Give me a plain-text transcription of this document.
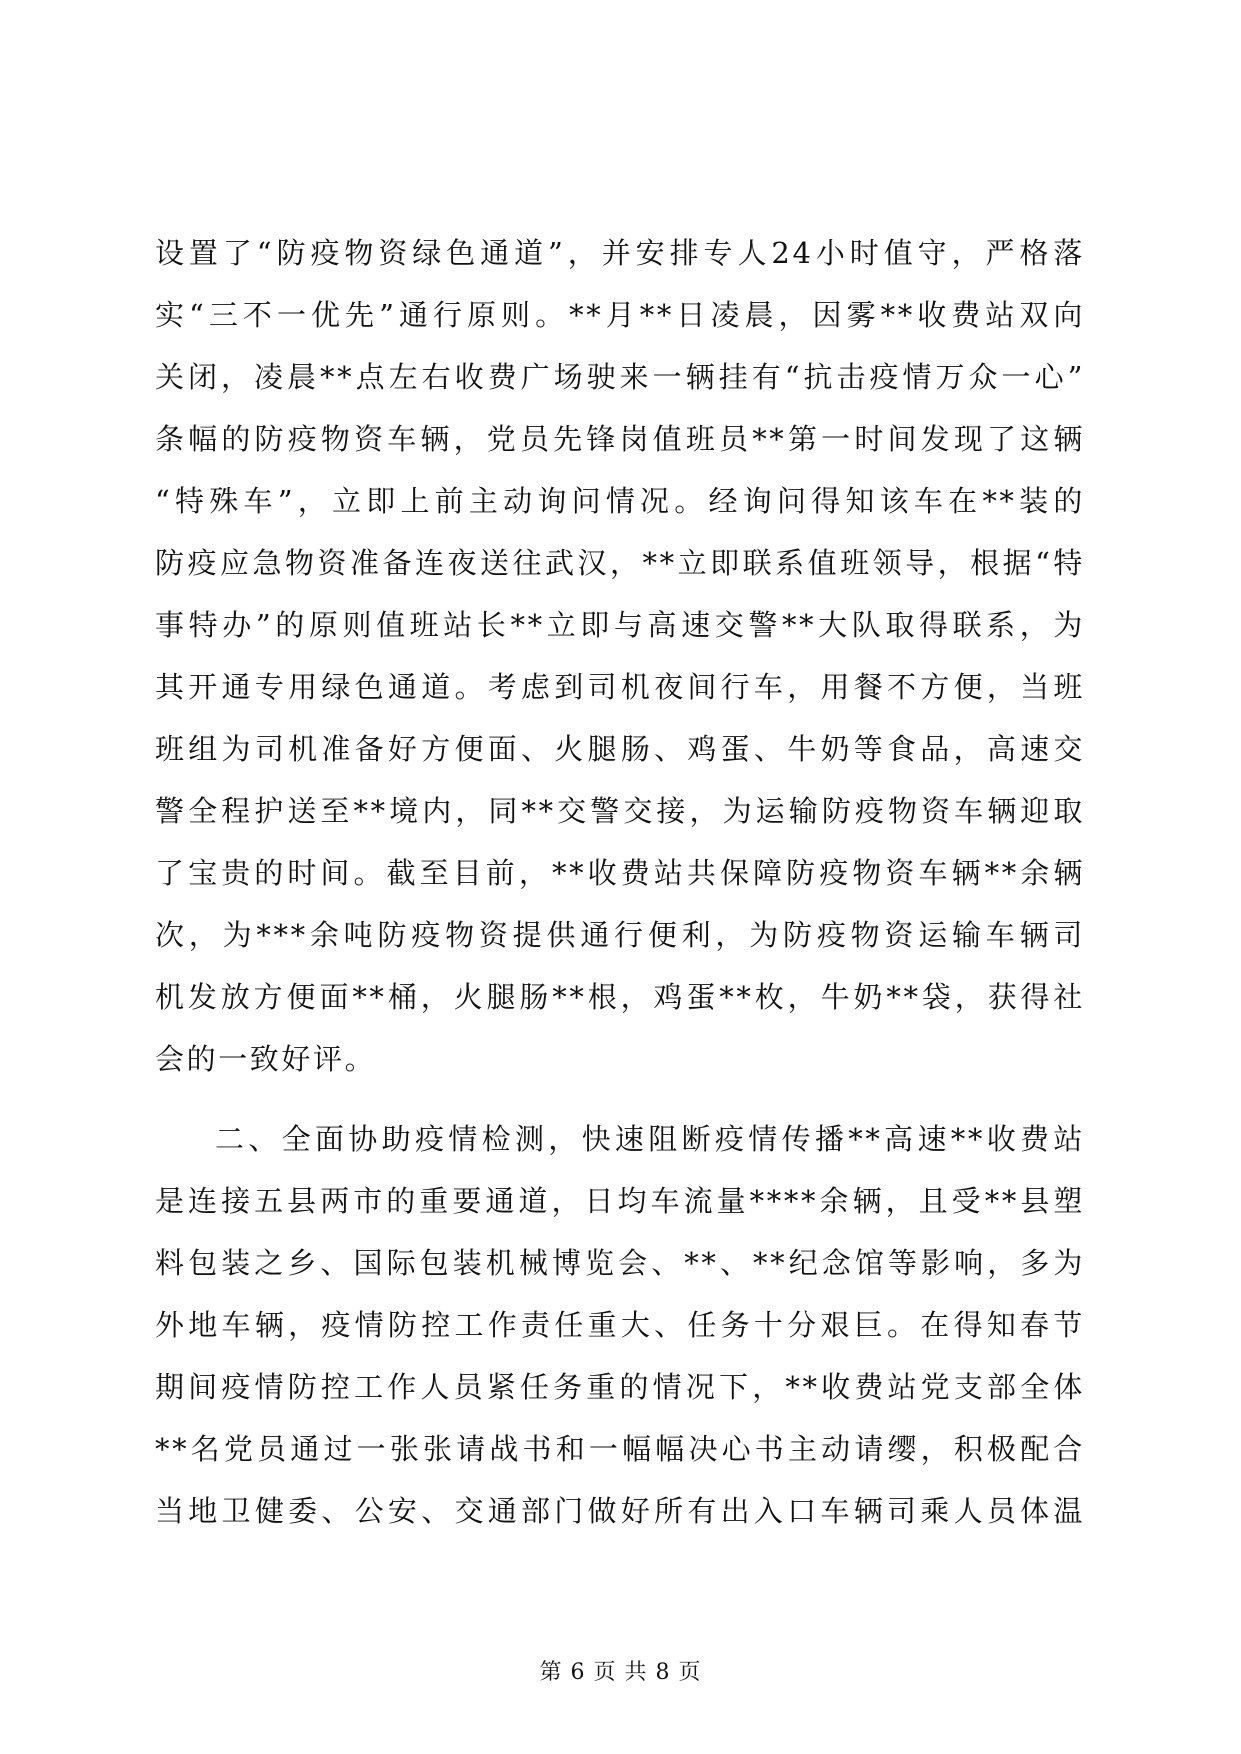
设置了“防疫物资绿色通道”，并安排专人24小时值守，严格落
实“三不一优先”通行原则。**月**日凌晨，因雾**收费站双向
关闭，凌晨**点左右收费广场驶来一辆挂有“抗击疫情万众一心”
条幅的防疫物资车辆，党员先锋岗值班员**第一时间发现了这辆
“特殊车”，立即上前主动询问情况。经询问得知该车在**装的
防疫应急物资准备连夜送往武汉，**立即联系值班领导，根据“特
事特办”的原则值班站长**立即与高速交警**大队取得联系，为
其开通专用绿色通道。考虑到司机夜间行车，用餐不方便，当班
班组为司机准备好方便面、火腿肠、鸡蛋、牛奶等食品，高速交
警全程护送至**境内，同**交警交接，为运输防疫物资车辆迎取
了宝贵的时间。截至目前，**收费站共保障防疫物资车辆**余辆
次，为***余吨防疫物资提供通行便利，为防疫物资运输车辆司
机发放方便面**桶，火腿肠**根，鸡蛋**枚，牛奶**袋，获得社
会的一致好评。
二、全面协助疫情检测，快速阻断疫情传播**高速**收费站
是连接五县两市的重要通道，日均车流量****余辆，且受**县塑
料包装之乡、国际包装机械博览会、**、**纪念馆等影响，多为
外地车辆，疫情防控工作责任重大、任务十分艰巨。在得知春节
期间疫情防控工作人员紧任务重的情况下，**收费站党支部全体
**名党员通过一张张请战书和一幅幅决心书主动请缨，积极配合
当地卫健委、公安、交通部门做好所有出入口车辆司乘人员体温
第 6 页 共 8 页
